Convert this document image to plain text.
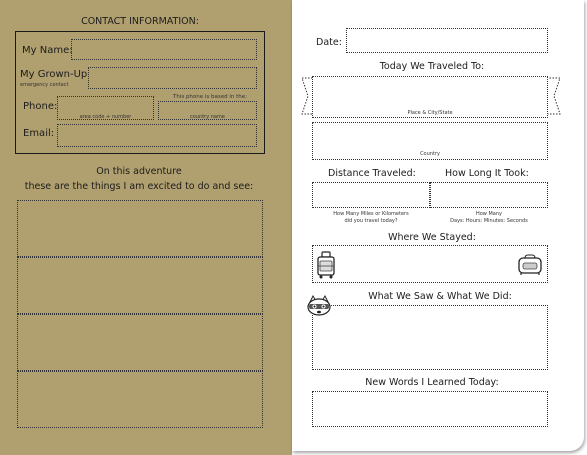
CONTACT INFORMATION:
My Name:
My Grown-Up
emergency contact
Phone:
area code + number
This phone is based in the:
country name
Email:
On this adventure
these are the things I am excited to do and see:
Date:
Today We Traveled To:
Place & City/State
Country
Distance Traveled:	How Long It Took:
How Many Miles or Kilometers
did you travel today?
How Many
Days: Hours: Minutes: Seconds
Where We Stayed:
What We Saw & What We Did:
New Words I Learned Today:
